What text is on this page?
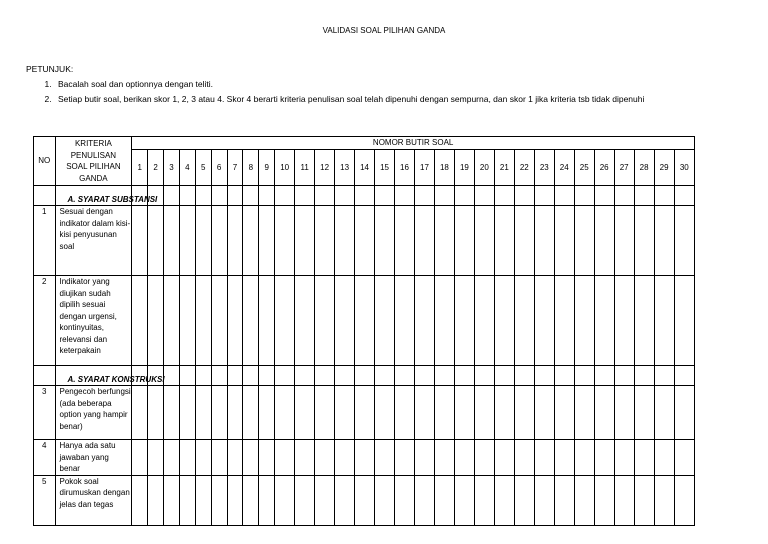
VALIDASI SOAL PILIHAN GANDA
PETUNJUK:
1. Bacalah soal dan optionnya dengan teliti.
2. Setiap butir soal, berikan skor 1, 2, 3 atau 4. Skor 4 berarti kriteria penulisan soal telah dipenuhi dengan sempurna, dan skor 1 jika kriteria tsb tidak dipenuhi
NO	KRITERIA PENULISAN SOAL PILIHAN GANDA	NOMOR BUTIR SOAL																													
		1	2	3	4	5	6	7	8	9	10	11	12	13	14	15	16	17	18	19	20	21	22	23	24	25	26	27	28	29	30
	A. SYARAT SUBSTANSI																														
1	Sesuai dengan indikator dalam kisi-kisi penyusunan soal																														
2	Indikator yang diujikan sudah dipilih sesuai dengan urgensi, kontinyuitas, relevansi dan keterpakain																														
	A. SYARAT KONSTRUKSI																														
3	Pengecoh berfungsi (ada beberapa option yang hampir benar)																														
4	Hanya ada satu jawaban yang benar																														
5	Pokok soal dirumuskan dengan jelas dan tegas																														
